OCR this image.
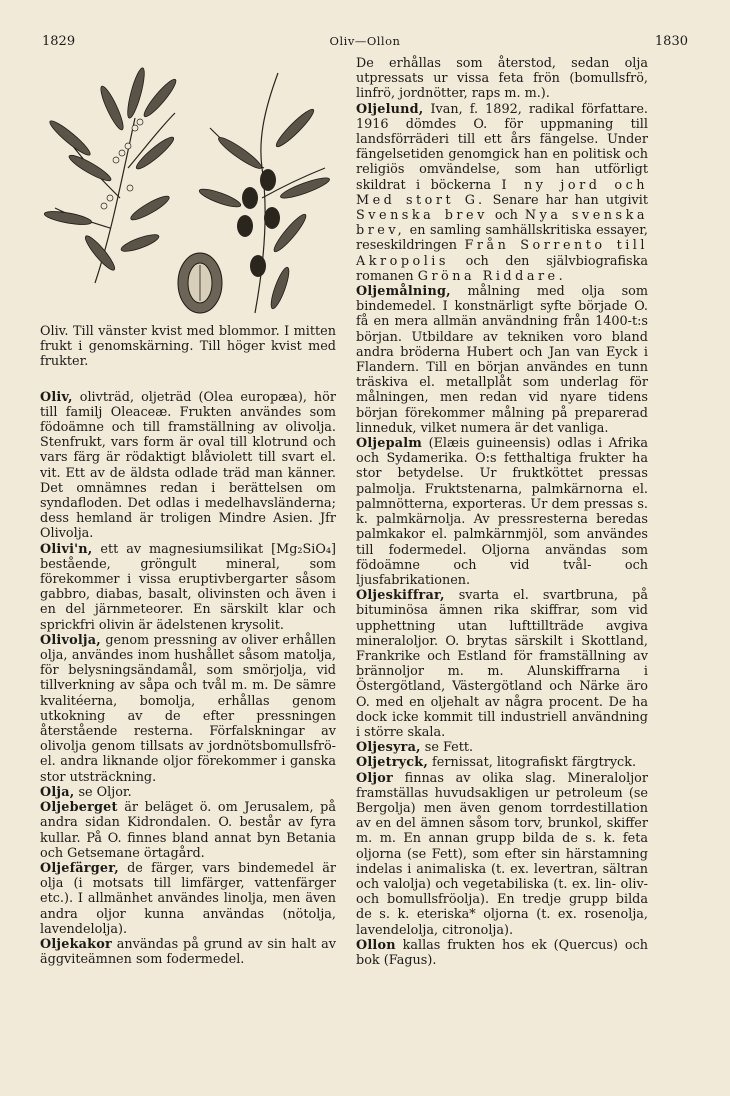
1829	Oliv—Ollon	1830

Oliv. Till vänster kvist med blommor. I mitten frukt i genomskärning. Till höger kvist med frukter.

Oliv, olivträd, oljeträd (Olea europæa), hör till familj Oleaceæ. Frukten användes som födoämne och till framställning av olivolja. Stenfrukt, vars form är oval till klotrund och vars färg är rödaktigt blåviolett till svart el. vit. Ett av de äldsta odlade träd man känner. Det omnämnes redan i berättelsen om syndafloden. Det odlas i medelhavsländerna; dess hemland är troligen Mindre Asien. Jfr Olivolja.

Olivi'n, ett av magnesiumsilikat [Mg₂SiO₄] bestående, gröngult mineral, som förekommer i vissa eruptivbergarter såsom gabbro, diabas, basalt, olivinsten och även i en del järnmeteorer. En särskilt klar och sprickfri olivin är ädelstenen krysolit.

Olivolja, genom pressning av oliver erhållen olja, användes inom hushållet såsom matolja, för belysningsändamål, som smörjolja, vid tillverkning av såpa och tvål m. m. De sämre kvalitéerna, bomolja, erhållas genom utkokning av de efter pressningen återstående resterna. Förfalskningar av olivolja genom tillsats av jordnötsbomullsfrö- el. andra liknande oljor förekommer i ganska stor utsträckning.

Olja, se Oljor.

Oljeberget är beläget ö. om Jerusalem, på andra sidan Kidrondalen. O. består av fyra kullar. På O. finnes bland annat byn Betania och Getsemane örtagård.

Oljefärger, de färger, vars bindemedel är olja (i motsats till limfärger, vattenfärger etc.). I allmänhet användes linolja, men även andra oljor kunna användas (nötolja, lavendelolja).

Oljekakor användas på grund av sin halt av äggviteämnen som fodermedel.

De erhållas som återstod, sedan olja utpressats ur vissa feta frön (bomullsfrö, linfrö, jordnötter, raps m. m.).

Oljelund, Ivan, f. 1892, radikal författare. 1916 dömdes O. för uppmaning till landsförräderi till ett års fängelse. Under fängelsetiden genomgick han en politisk och religiös omvändelse, som han utförligt skildrat i böckerna I ny jord och Med stort G. Senare har han utgivit Svenska brev och Nya svenska brev, en samling samhällskritiska essayer, reseskildringen Från Sorrento till Akropolis och den självbiografiska romanen Gröna Riddare.

Oljemålning, målning med olja som bindemedel. I konstnärligt syfte började O. få en mera allmän användning från 1400-t:s början. Utbildare av tekniken voro bland andra bröderna Hubert och Jan van Eyck i Flandern. Till en början användes en tunn träskiva el. metallplåt som underlag för målningen, men redan vid nyare tidens början förekommer målning på preparerad linneduk, vilket numera är det vanliga.

Oljepalm (Elæis guineensis) odlas i Afrika och Sydamerika. O:s fetthaltiga frukter ha stor betydelse. Ur fruktköttet pressas palmolja. Fruktstenarna, palmkärnorna el. palmnötterna, exporteras. Ur dem pressas s. k. palmkärnolja. Av pressresterna beredas palmkakor el. palmkärnmjöl, som användes till fodermedel. Oljorna användas som födoämne och vid tvål- och ljusfabrikationen.

Oljeskiffrar, svarta el. svartbruna, på bituminösa ämnen rika skiffrar, som vid upphettning utan lufttillträde avgiva mineraloljor. O. brytas särskilt i Skottland, Frankrike och Estland för framställning av brännoljor m. m. Alunskiffrarna i Östergötland, Västergötland och Närke äro O. med en oljehalt av några procent. De ha dock icke kommit till industriell användning i större skala.

Oljesyra, se Fett.

Oljetryck, fernissat, litografiskt färgtryck.

Oljor finnas av olika slag. Mineraloljor framställas huvudsakligen ur petroleum (se Bergolja) men även genom torrdestillation av en del ämnen såsom torv, brunkol, skiffer m. m. En annan grupp bilda de s. k. feta oljorna (se Fett), som efter sin härstamning indelas i animaliska (t. ex. levertran, sältran och valolja) och vegetabiliska (t. ex. lin- oliv- och bomullsfröolja). En tredje grupp bilda de s. k. eteriska* oljorna (t. ex. rosenolja, lavendelolja, citronolja).

Ollon kallas frukten hos ek (Quercus) och bok (Fagus).
